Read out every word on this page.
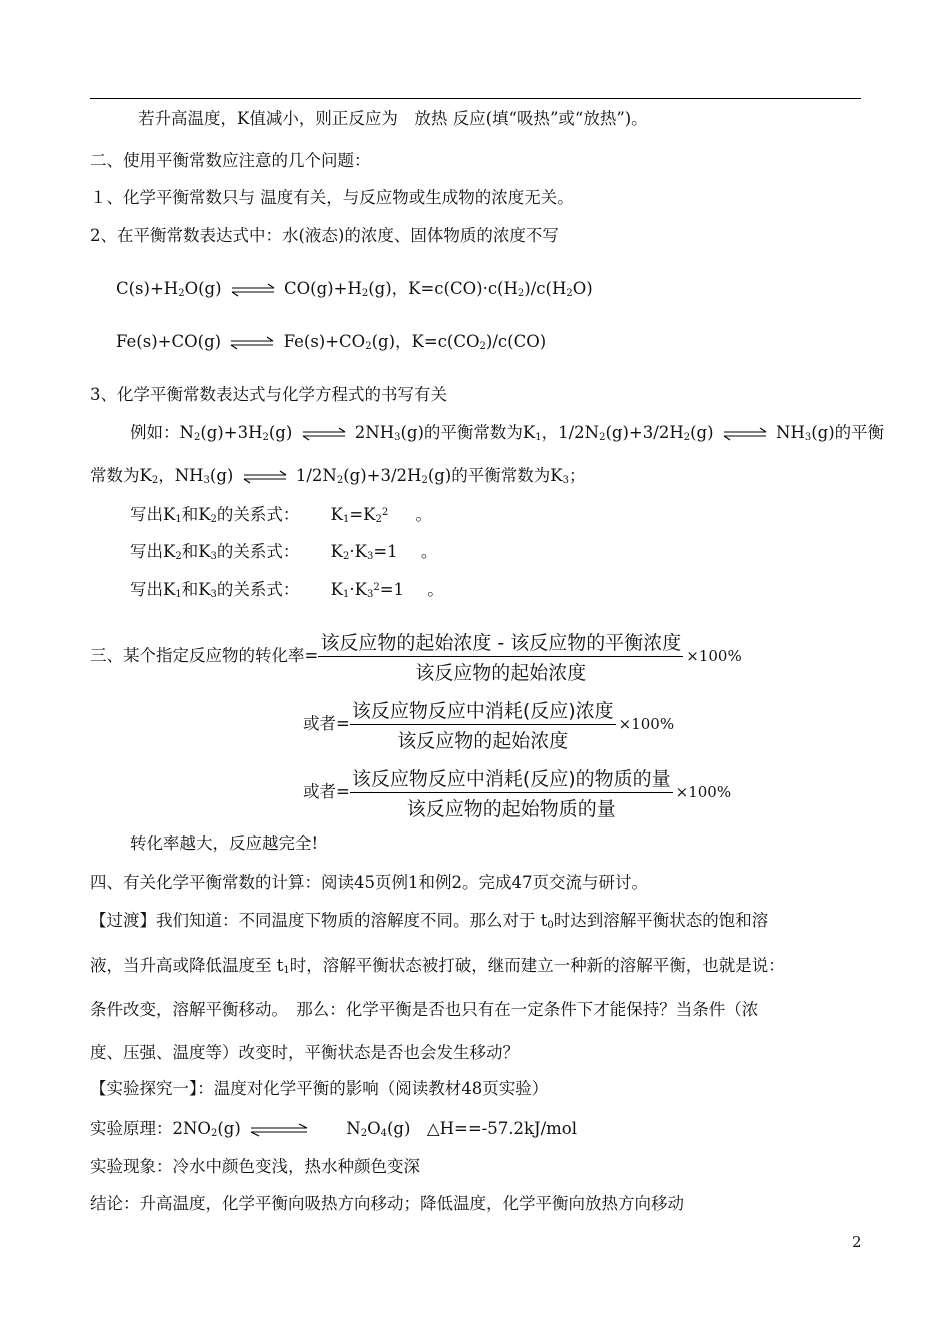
若升高温度，K值减小，则正反应为　放热 反应(填“吸热”或“放热”)。
二、使用平衡常数应注意的几个问题：
１、化学平衡常数只与 温度有关，与反应物或生成物的浓度无关。
2、在平衡常数表达式中：水(液态)的浓度、固体物质的浓度不写
$C(s)+H_2O(g)$ ⇌ $CO(g)+H_2(g)$，$K=c(CO)\cdot c(H_2)/c(H_2O)$
Fe(s)+CO(g) ⇌ $Fe(s)+CO_2(g)$，$K=c(CO_2)/c(CO)$
3、化学平衡常数表达式与化学方程式的书写有关
例如：$N_2(g)+3H_2(g)$ ⇌ $2NH_3(g)$的平衡常数为$K_1$，$1/2N_2(g)+3/2H_2(g)$ ⇌ $NH_3(g)$的平衡
常数为$K_2$，$NH_3(g)$ ⇌ $1/2N_2(g)+3/2H_2(g)$的平衡常数为$K_3$；
写出$K_1$和$K_2$的关系式： $K_1=K_2^2$ 。
写出$K_2$和$K_3$的关系式： $K_2\cdot K_3=1$ 。
写出$K_1$和$K_3$的关系式： $K_1\cdot K_3^2=1$ 。
三、某个指定反应物的转化率= $\frac{\text{该反应物的起始浓度 - 该反应物的平衡浓度}}{\text{该反应物的起始浓度}} \times 100\%$
或者= $\frac{\text{该反应物反应中消耗(反应)浓度}}{\text{该反应物的起始浓度}} \times 100\%$
或者= $\frac{\text{该反应物反应中消耗(反应)的物质的量}}{\text{该反应物的起始物质的量}} \times 100\%$
转化率越大，反应越完全!
四、有关化学平衡常数的计算：阅读45页例1和例2。完成47页交流与研讨。
【过渡】我们知道：不同温度下物质的溶解度不同。那么对于 $t_0$时达到溶解平衡状态的饱和溶
液，当升高或降低温度至 $t_1$时，溶解平衡状态被打破，继而建立一种新的溶解平衡，也就是说：
条件改变，溶解平衡移动。　那么：化学平衡是否也只有在一定条件下才能保持？当条件（浓
度、压强、温度等）改变时，平衡状态是否也会发生移动？
【实验探究一】：温度对化学平衡的影响（阅读教材48页实验）
实验原理：$2NO_2(g)$ ⇌ $N_2O_4(g)$　△H==-57.2kJ/mol
实验现象：冷水中颜色变浅，热水种颜色变深
结论：升高温度，化学平衡向吸热方向移动；降低温度，化学平衡向放热方向移动
2
